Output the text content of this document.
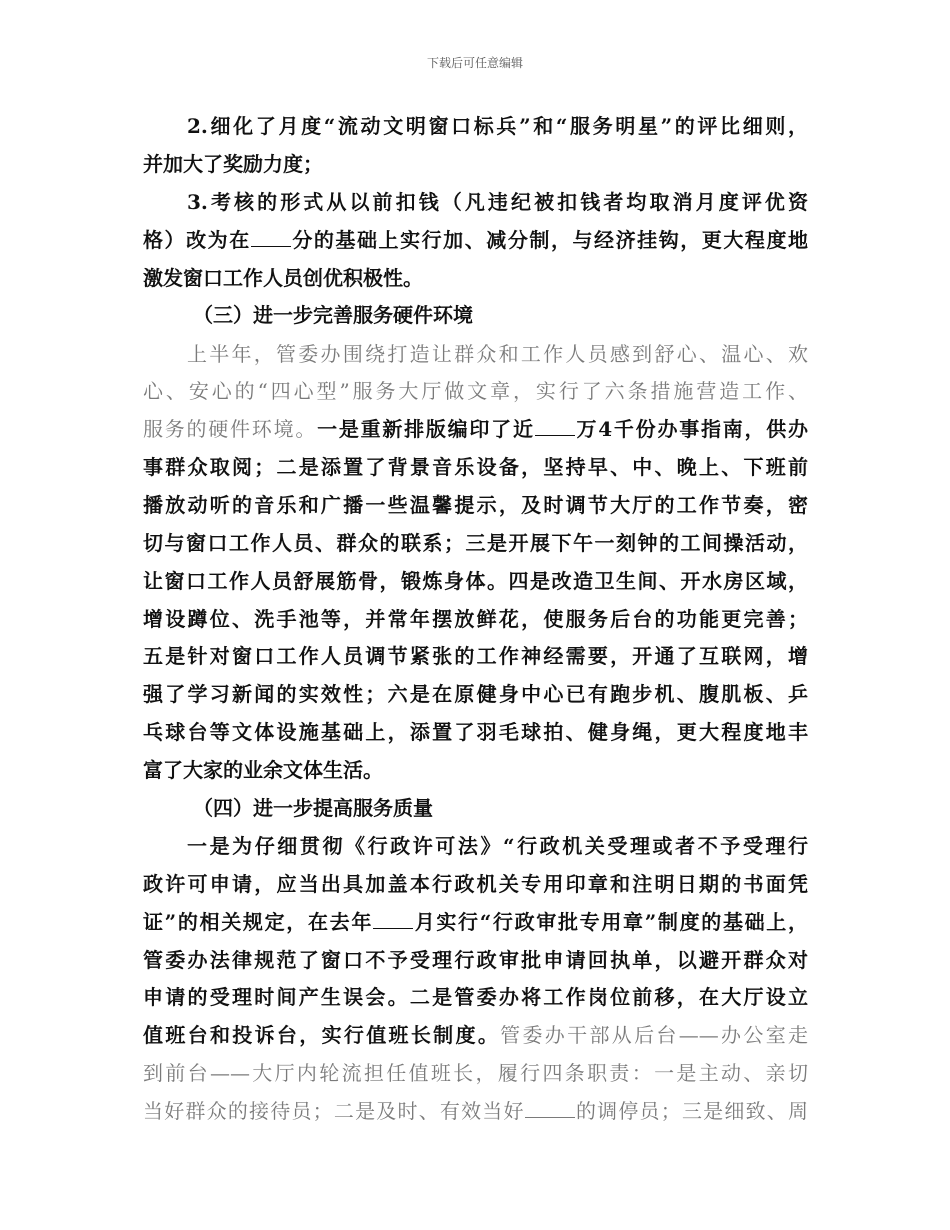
下载后可任意编辑
2.细化了月度“流动文明窗口标兵”和“服务明星”的评比细则，
并加大了奖励力度；
3.考核的形式从以前扣钱（凡违纪被扣钱者均取消月度评优资
格）改为在 分的基础上实行加、减分制，与经济挂钩，更大程度地
激发窗口工作人员创优积极性。
（三）进一步完善服务硬件环境
上半年，管委办围绕打造让群众和工作人员感到舒心、温心、欢
心、安心的“四心型”服务大厅做文章，实行了六条措施营造工作、
服务的硬件环境。一是重新排版编印了近 万4千份办事指南，供办
事群众取阅；二是添置了背景音乐设备，坚持早、中、晚上、下班前
播放动听的音乐和广播一些温馨提示，及时调节大厅的工作节奏，密
切与窗口工作人员、群众的联系；三是开展下午一刻钟的工间操活动，
让窗口工作人员舒展筋骨，锻炼身体。四是改造卫生间、开水房区域，
增设蹲位、洗手池等，并常年摆放鲜花，使服务后台的功能更完善；
五是针对窗口工作人员调节紧张的工作神经需要，开通了互联网，增
强了学习新闻的实效性；六是在原健身中心已有跑步机、腹肌板、乒
乓球台等文体设施基础上，添置了羽毛球拍、健身绳，更大程度地丰
富了大家的业余文体生活。
（四）进一步提高服务质量
一是为仔细贯彻《行政许可法》“行政机关受理或者不予受理行
政许可申请，应当出具加盖本行政机关专用印章和注明日期的书面凭
证”的相关规定，在去年 月实行“行政审批专用章”制度的基础上，
管委办法律规范了窗口不予受理行政审批申请回执单，以避开群众对
申请的受理时间产生误会。二是管委办将工作岗位前移，在大厅设立
值班台和投诉台，实行值班长制度。管委办干部从后台——办公室走
到前台——大厅内轮流担任值班长，履行四条职责：一是主动、亲切
当好群众的接待员；二是及时、有效当好	的调停员；三是细致、周
